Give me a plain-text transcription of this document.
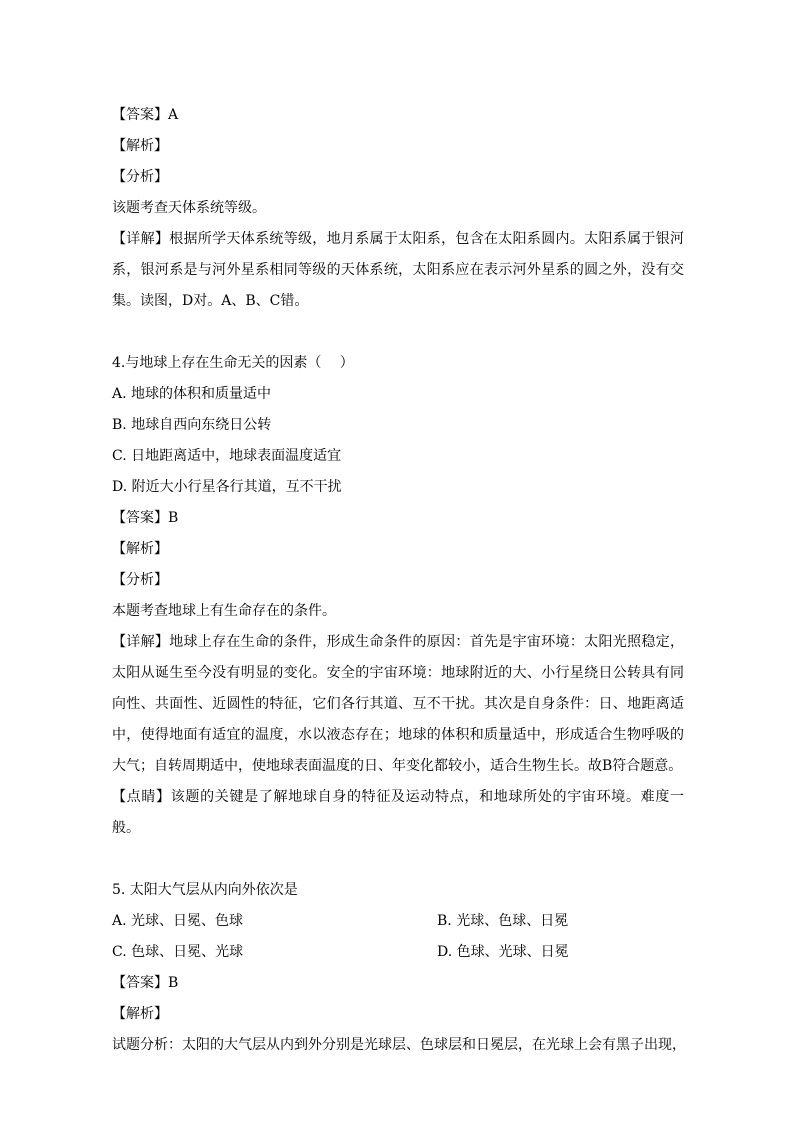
【答案】A
【解析】
【分析】
该题考查天体系统等级。
【详解】根据所学天体系统等级，地月系属于太阳系，包含在太阳系圆内。太阳系属于银河系，银河系是与河外星系相同等级的天体系统，太阳系应在表示河外星系的圆之外，没有交集。读图，D对。A、B、C错。
4.与地球上存在生命无关的因素（　 ）
A. 地球的体积和质量适中
B. 地球自西向东绕日公转
C. 日地距离适中，地球表面温度适宜
D. 附近大小行星各行其道，互不干扰
【答案】B
【解析】
【分析】
本题考查地球上有生命存在的条件。
【详解】地球上存在生命的条件，形成生命条件的原因：首先是宇宙环境：太阳光照稳定，太阳从诞生至今没有明显的变化。安全的宇宙环境：地球附近的大、小行星绕日公转具有同向性、共面性、近圆性的特征，它们各行其道、互不干扰。其次是自身条件：日、地距离适中，使得地面有适宜的温度，水以液态存在；地球的体积和质量适中，形成适合生物呼吸的大气；自转周期适中，使地球表面温度的日、年变化都较小，适合生物生长。故B符合题意。
【点睛】该题的关键是了解地球自身的特征及运动特点，和地球所处的宇宙环境。难度一般。
5. 太阳大气层从内向外依次是
A. 光球、日冕、色球	B. 光球、色球、日冕
C. 色球、日冕、光球	D. 色球、光球、日冕
【答案】B
【解析】
试题分析：太阳的大气层从内到外分别是光球层、色球层和日冕层，在光球上会有黑子出现，
